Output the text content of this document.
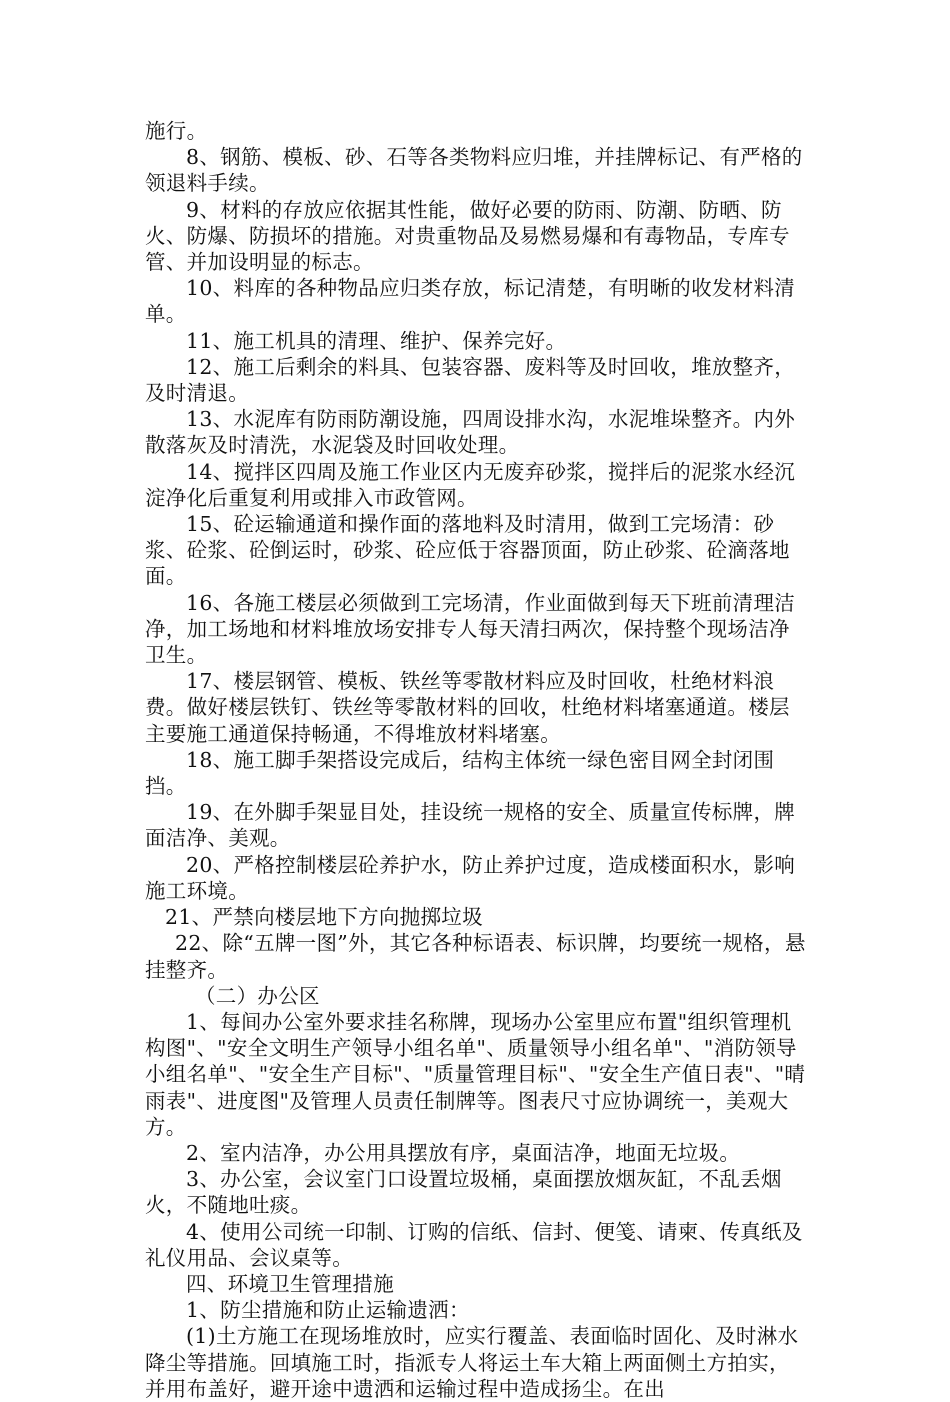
施行。

8、钢筋、模板、砂、石等各类物料应归堆，并挂牌标记、有严格的领退料手续。

9、材料的存放应依据其性能，做好必要的防雨、防潮、防晒、防火、防爆、防损坏的措施。对贵重物品及易燃易爆和有毒物品，专库专管、并加设明显的标志。

10、料库的各种物品应归类存放，标记清楚，有明晰的收发材料清单。

11、施工机具的清理、维护、保养完好。

12、施工后剩余的料具、包装容器、废料等及时回收，堆放整齐，及时清退。

13、水泥库有防雨防潮设施，四周设排水沟，水泥堆垛整齐。内外散落灰及时清洗，水泥袋及时回收处理。

14、搅拌区四周及施工作业区内无废弃砂浆，搅拌后的泥浆水经沉淀净化后重复利用或排入市政管网。

15、砼运输通道和操作面的落地料及时清用，做到工完场清：砂浆、砼浆、砼倒运时，砂浆、砼应低于容器顶面，防止砂浆、砼滴落地面。

16、各施工楼层必须做到工完场清，作业面做到每天下班前清理洁净，加工场地和材料堆放场安排专人每天清扫两次，保持整个现场洁净卫生。

17、楼层钢管、模板、铁丝等零散材料应及时回收，杜绝材料浪费。做好楼层铁钉、铁丝等零散材料的回收，杜绝材料堵塞通道。楼层主要施工通道保持畅通，不得堆放材料堵塞。

18、施工脚手架搭设完成后，结构主体统一绿色密目网全封闭围挡。

19、在外脚手架显目处，挂设统一规格的安全、质量宣传标牌，牌面洁净、美观。

20、严格控制楼层砼养护水，防止养护过度，造成楼面积水，影响施工环境。

21、严禁向楼层地下方向抛掷垃圾

22、除“五牌一图”外，其它各种标语表、标识牌，均要统一规格，悬挂整齐。

（二）办公区

1、每间办公室外要求挂名称牌，现场办公室里应布置"组织管理机构图"、"安全文明生产领导小组名单"、质量领导小组名单"、"消防领导小组名单"、"安全生产目标"、"质量管理目标"、"安全生产值日表"、"晴雨表"、进度图"及管理人员责任制牌等。图表尺寸应协调统一，美观大方。

2、室内洁净，办公用具摆放有序，桌面洁净，地面无垃圾。

3、办公室，会议室门口设置垃圾桶，桌面摆放烟灰缸，不乱丢烟火，不随地吐痰。

4、使用公司统一印制、订购的信纸、信封、便笺、请柬、传真纸及礼仪用品、会议桌等。

四、环境卫生管理措施

1、防尘措施和防止运输遗洒：

(1)土方施工在现场堆放时，应实行覆盖、表面临时固化、及时淋水降尘等措施。回填施工时，指派专人将运土车大箱上两面侧土方拍实，并用布盖好，避开途中遗洒和运输过程中造成扬尘。在出
